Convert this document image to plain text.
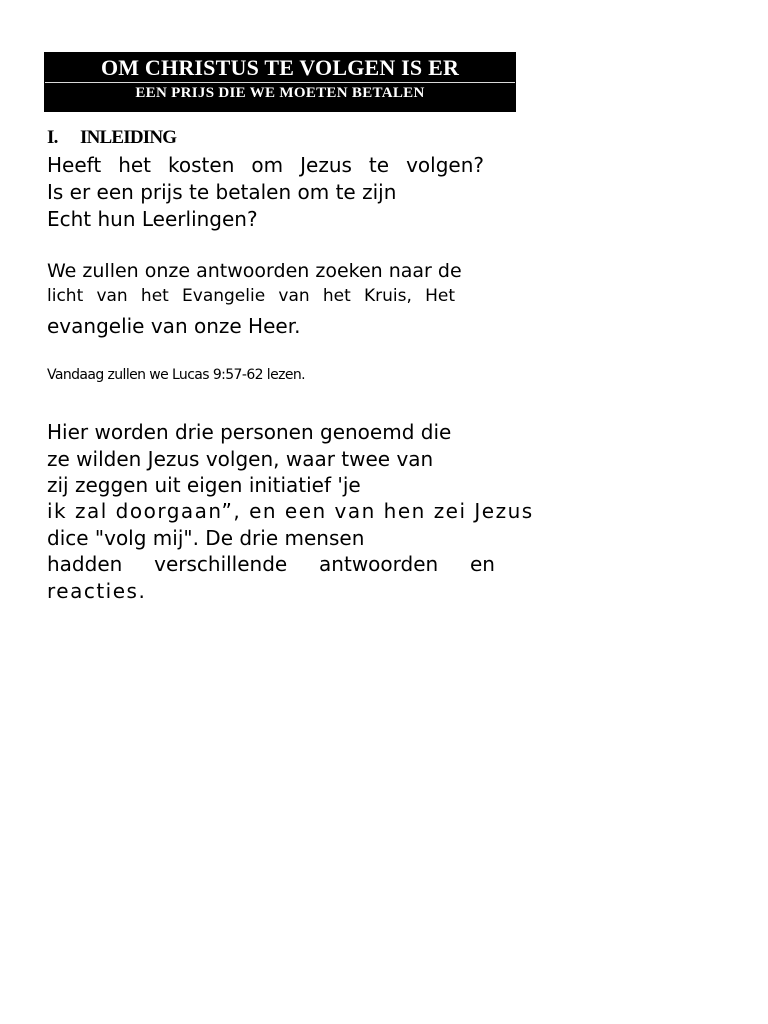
OM CHRISTUS TE VOLGEN IS ER
EEN PRIJS DIE WE MOETEN BETALEN
I. INLEIDING
Heeft het kosten om Jezus te volgen?
Is er een prijs te betalen om te zijn
Echt hun Leerlingen?
We zullen onze antwoorden zoeken naar de
licht van het Evangelie van het Kruis, Het
evangelie van onze Heer.
Vandaag zullen we Lucas 9:57-62 lezen.
Hier worden drie personen genoemd die
ze wilden Jezus volgen, waar twee van
zij zeggen uit eigen initiatief 'je
ik zal doorgaan”, en een van hen zei Jezus
dice "volg mij". De drie mensen
hadden verschillende antwoorden en
reacties.
